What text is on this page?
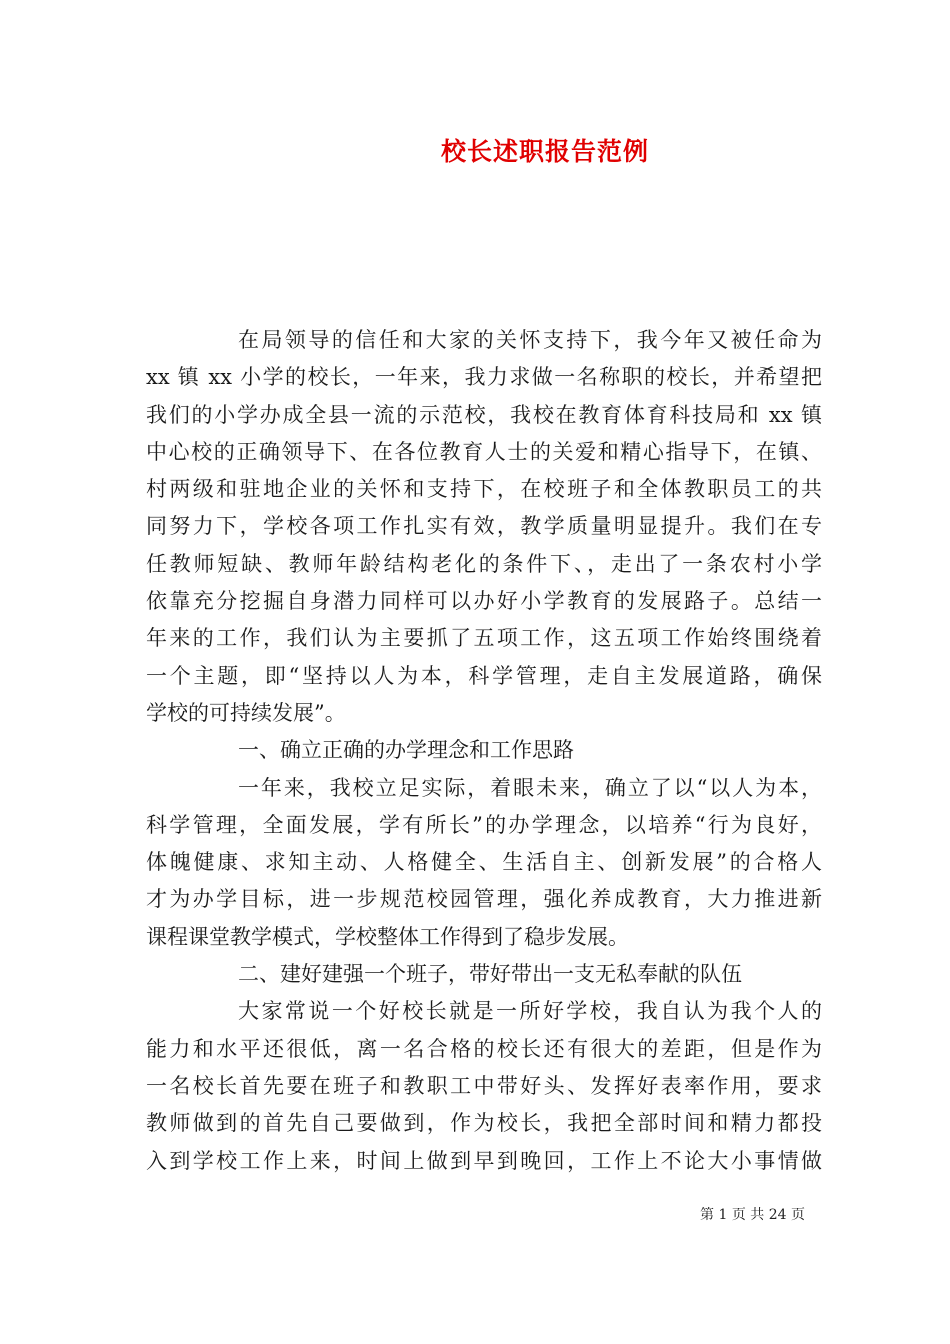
校长述职报告范例
在局领导的信任和大家的关怀支持下，我今年又被任命为
xx 镇 xx 小学的校长，一年来，我力求做一名称职的校长，并希望把
我们的小学办成全县一流的示范校，我校在教育体育科技局和 xx 镇
中心校的正确领导下、在各位教育人士的关爱和精心指导下，在镇、
村两级和驻地企业的关怀和支持下，在校班子和全体教职员工的共
同努力下，学校各项工作扎实有效，教学质量明显提升。我们在专
任教师短缺、教师年龄结构老化的条件下、，走出了一条农村小学
依靠充分挖掘自身潜力同样可以办好小学教育的发展路子。总结一
年来的工作，我们认为主要抓了五项工作，这五项工作始终围绕着
一个主题，即“坚持以人为本，科学管理，走自主发展道路，确保
学校的可持续发展”。
一、确立正确的办学理念和工作思路
一年来，我校立足实际，着眼未来，确立了以“以人为本，
科学管理，全面发展，学有所长”的办学理念，以培养“行为良好，
体魄健康、求知主动、人格健全、生活自主、创新发展”的合格人
才为办学目标，进一步规范校园管理，强化养成教育，大力推进新
课程课堂教学模式，学校整体工作得到了稳步发展。
二、建好建强一个班子，带好带出一支无私奉献的队伍
大家常说一个好校长就是一所好学校，我自认为我个人的
能力和水平还很低，离一名合格的校长还有很大的差距，但是作为
一名校长首先要在班子和教职工中带好头、发挥好表率作用，要求
教师做到的首先自己要做到，作为校长，我把全部时间和精力都投
入到学校工作上来，时间上做到早到晚回，工作上不论大小事情做
第 1 页 共 24 页
